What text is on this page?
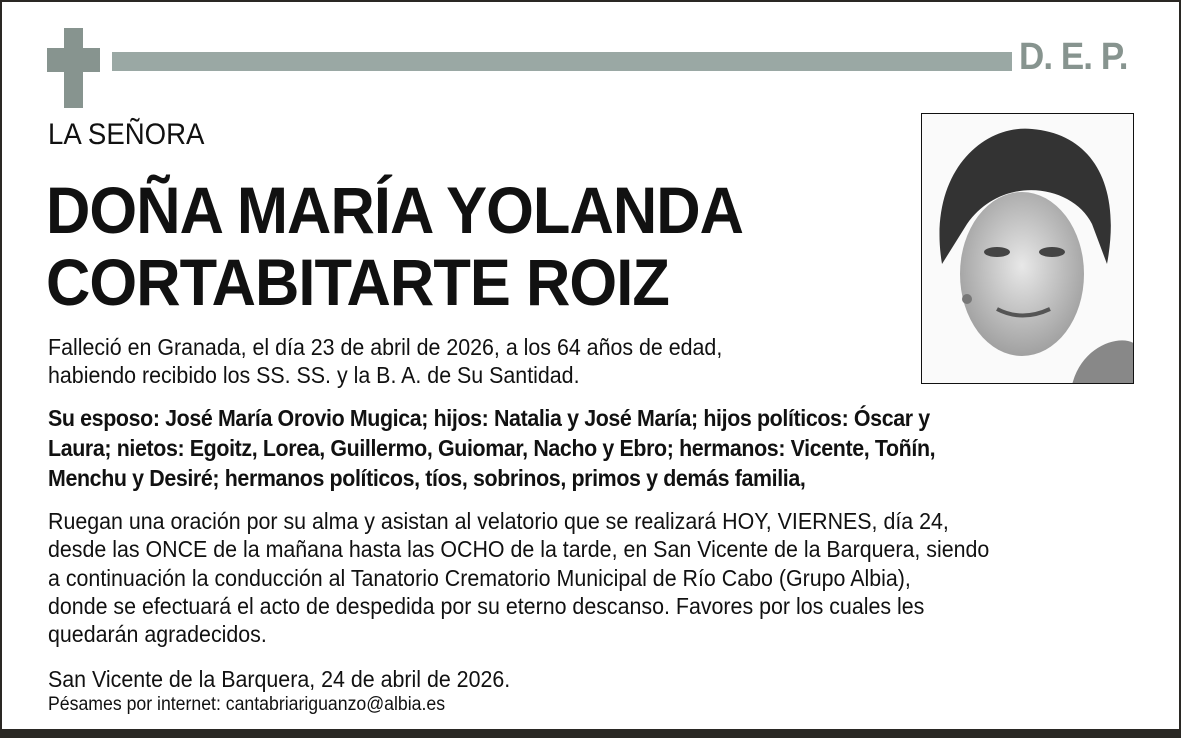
D. E. P.
LA SEÑORA
DOÑA MARÍA YOLANDA
CORTABITARTE ROIZ
Falleció en Granada, el día 23 de abril de 2026, a los 64 años de edad,
habiendo recibido los SS. SS. y la B. A. de Su Santidad.
Su esposo: José María Orovio Mugica; hijos: Natalia y José María; hijos políticos: Óscar y
Laura; nietos: Egoitz, Lorea, Guillermo, Guiomar, Nacho y Ebro; hermanos: Vicente, Toñín,
Menchu y Desiré; hermanos políticos, tíos, sobrinos, primos y demás familia,
Ruegan una oración por su alma y asistan al velatorio que se realizará HOY, VIERNES, día 24,
desde las ONCE de la mañana hasta las OCHO de la tarde, en San Vicente de la Barquera, siendo
a continuación la conducción al Tanatorio Crematorio Municipal de Río Cabo (Grupo Albia),
donde se efectuará el acto de despedida por su eterno descanso. Favores por los cuales les
quedarán agradecidos.
San Vicente de la Barquera, 24 de abril de 2026.
Pésames por internet: cantabriariguanzo@albia.es
